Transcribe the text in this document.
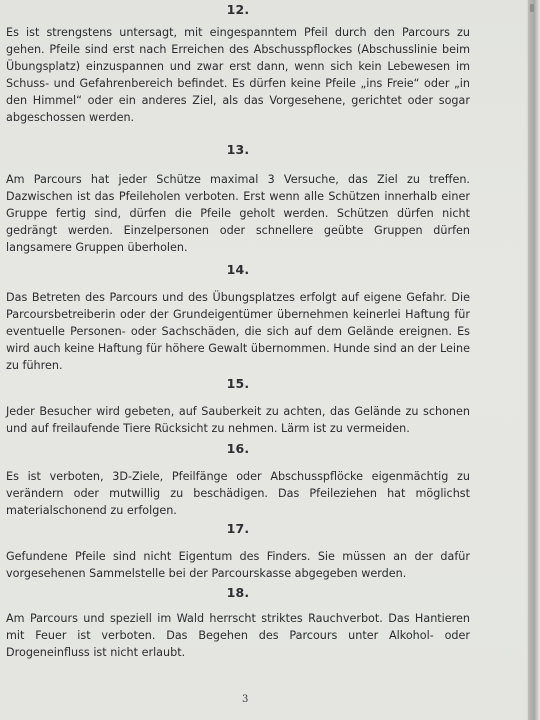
12.
Es ist strengstens untersagt, mit eingespanntem Pfeil durch den Parcours zu gehen. Pfeile sind erst nach Erreichen des Abschusspflockes (Abschusslinie beim Übungsplatz) einzuspannen und zwar erst dann, wenn sich kein Lebewesen im Schuss- und Gefahrenbereich befindet. Es dürfen keine Pfeile „ins Freie“ oder „in den Himmel“ oder ein anderes Ziel, als das Vorgesehene, gerichtet oder sogar abgeschossen werden.
13.
Am Parcours hat jeder Schütze maximal 3 Versuche, das Ziel zu treffen. Dazwischen ist das Pfeileholen verboten. Erst wenn alle Schützen innerhalb einer Gruppe fertig sind, dürfen die Pfeile geholt werden. Schützen dürfen nicht gedrängt werden. Einzelpersonen oder schnellere geübte Gruppen dürfen langsamere Gruppen überholen.
14.
Das Betreten des Parcours und des Übungsplatzes erfolgt auf eigene Gefahr. Die Parcoursbetreiberin oder der Grundeigentümer übernehmen keinerlei Haftung für eventuelle Personen- oder Sachschäden, die sich auf dem Gelände ereignen. Es wird auch keine Haftung für höhere Gewalt übernommen. Hunde sind an der Leine zu führen.
15.
Jeder Besucher wird gebeten, auf Sauberkeit zu achten, das Gelände zu schonen und auf freilaufende Tiere Rücksicht zu nehmen. Lärm ist zu vermeiden.
16.
Es ist verboten, 3D-Ziele, Pfeilfänge oder Abschusspflöcke eigenmächtig zu verändern oder mutwillig zu beschädigen. Das Pfeileziehen hat möglichst materialschonend zu erfolgen.
17.
Gefundene Pfeile sind nicht Eigentum des Finders. Sie müssen an der dafür vorgesehenen Sammelstelle bei der Parcourskasse abgegeben werden.
18.
Am Parcours und speziell im Wald herrscht striktes Rauchverbot. Das Hantieren mit Feuer ist verboten. Das Begehen des Parcours unter Alkohol- oder Drogeneinfluss ist nicht erlaubt.
3
